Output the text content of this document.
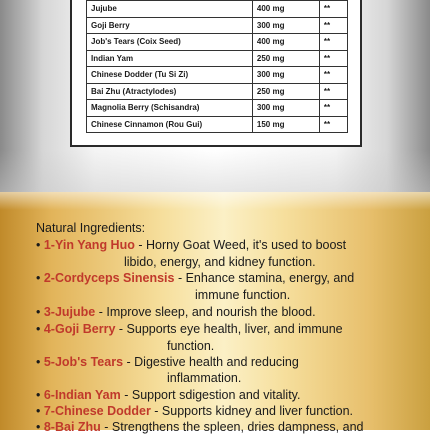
Jujube	400 mg	**
Goji Berry	300 mg	**
Job's Tears (Coix Seed)	400 mg	**
Indian Yam	250 mg	**
Chinese Dodder (Tu Si Zi)	300 mg	**
Bai Zhu (Atractylodes)	250 mg	**
Magnolia Berry (Schisandra)	300 mg	**
Chinese Cinnamon (Rou Gui)	150 mg	**
Natural Ingredients:
• 1-Yin Yang Huo - Horny Goat Weed, it's used to boost
libido, energy, and kidney function.
• 2-Cordyceps Sinensis - Enhance stamina, energy, and
immune function.
• 3-Jujube - Improve sleep, and nourish the blood.
• 4-Goji Berry - Supports eye health, liver, and immune
function.
• 5-Job's Tears - Digestive health and reducing
inflammation.
• 6-Indian Yam - Support sdigestion and vitality.
• 7-Chinese Dodder - Supports kidney and liver function.
• 8-Bai Zhu - Strengthens the spleen, dries dampness, and
